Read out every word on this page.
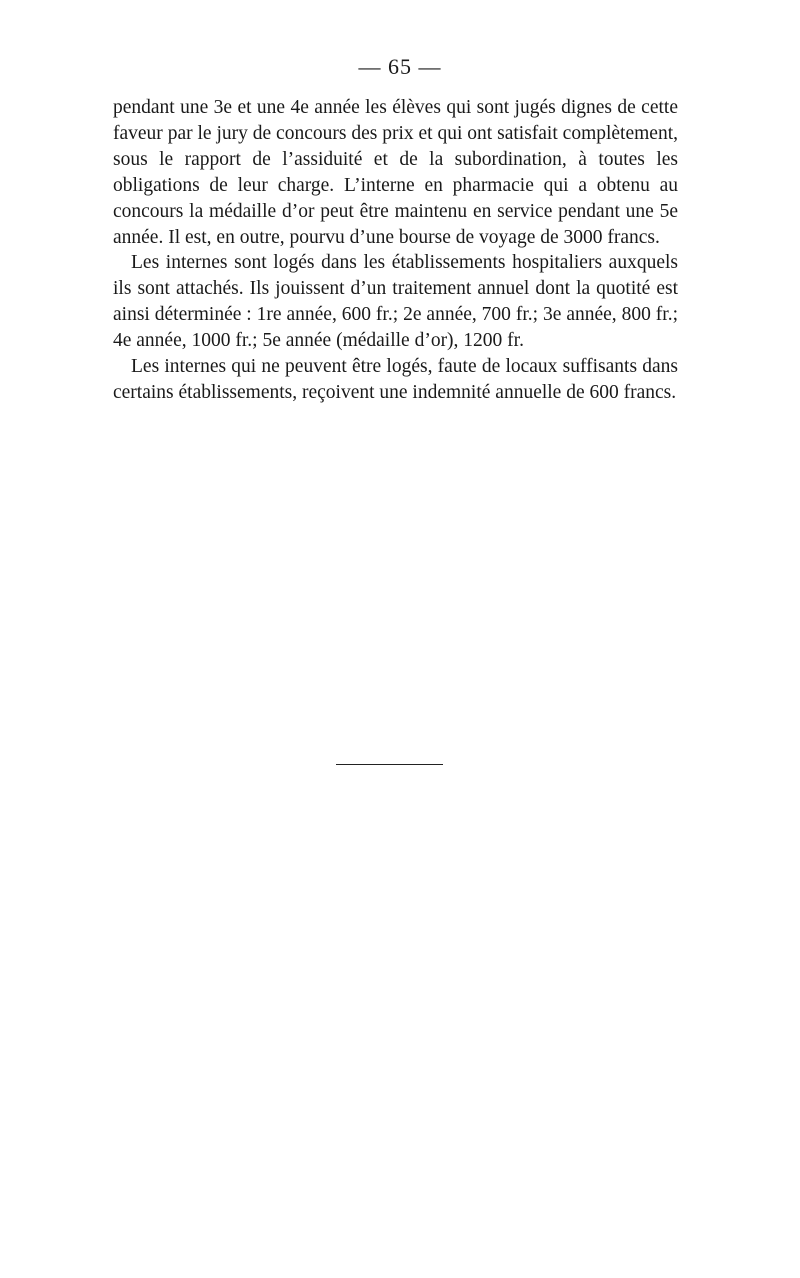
— 65 —

pendant une 3e et une 4e année les élèves qui sont jugés dignes de cette faveur par le jury de concours des prix et qui ont satisfait complètement, sous le rapport de l’assiduité et de la subordination, à toutes les obligations de leur charge. L’interne en pharmacie qui a obtenu au concours la médaille d’or peut être maintenu en service pendant une 5e année. Il est, en outre, pourvu d’une bourse de voyage de 3000 francs.

Les internes sont logés dans les établissements hospitaliers auxquels ils sont attachés. Ils jouissent d’un traitement annuel dont la quotité est ainsi déterminée : 1re année, 600 fr.; 2e année, 700 fr.; 3e année, 800 fr.; 4e année, 1000 fr.; 5e année (médaille d’or), 1200 fr.

Les internes qui ne peuvent être logés, faute de locaux suffisants dans certains établissements, reçoivent une indemnité annuelle de 600 francs.
